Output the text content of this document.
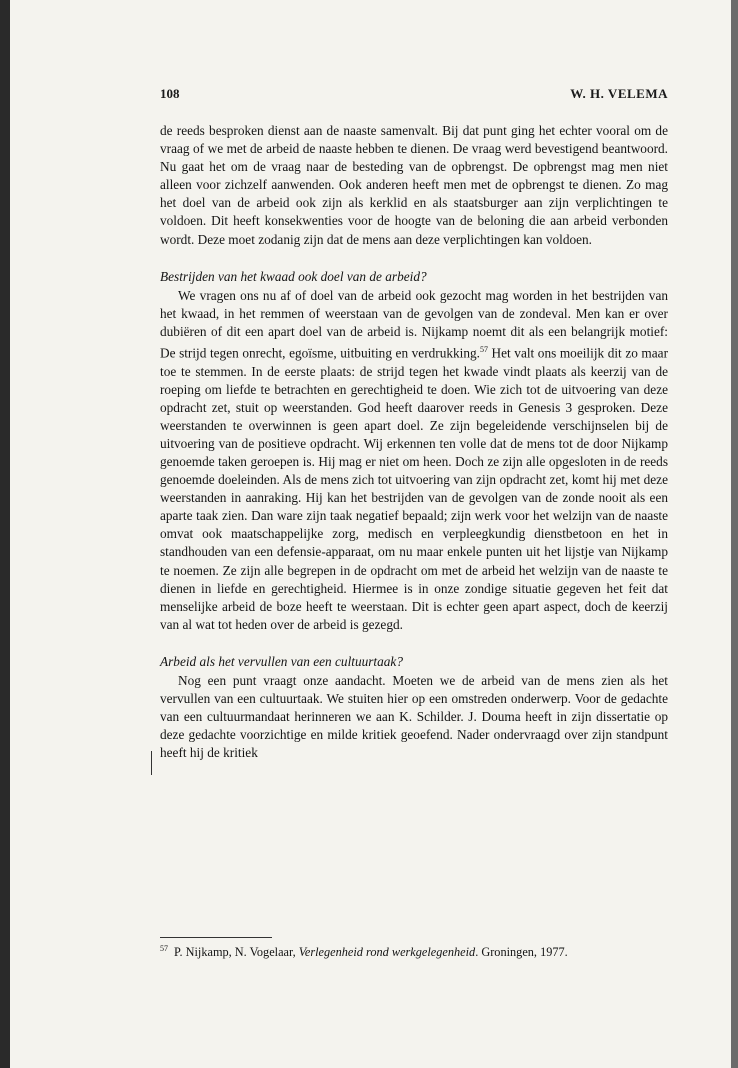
108	W. H. VELEMA

de reeds besproken dienst aan de naaste samenvalt. Bij dat punt ging het echter vooral om de vraag of we met de arbeid de naaste hebben te dienen. De vraag werd bevestigend beantwoord. Nu gaat het om de vraag naar de besteding van de opbrengst. De opbrengst mag men niet alleen voor zichzelf aanwenden. Ook anderen heeft men met de opbrengst te dienen. Zo mag het doel van de arbeid ook zijn als kerklid en als staatsburger aan zijn verplichtingen te voldoen. Dit heeft konsekwenties voor de hoogte van de beloning die aan arbeid verbonden wordt. Deze moet zodanig zijn dat de mens aan deze verplichtingen kan voldoen.

Bestrijden van het kwaad ook doel van de arbeid?

We vragen ons nu af of doel van de arbeid ook gezocht mag worden in het bestrijden van het kwaad, in het remmen of weerstaan van de gevolgen van de zondeval. Men kan er over dubiëren of dit een apart doel van de arbeid is. Nijkamp noemt dit als een belangrijk motief: De strijd tegen onrecht, egoïsme, uitbuiting en verdrukking.$^{57}$ Het valt ons moeilijk dit zo maar toe te stemmen. In de eerste plaats: de strijd tegen het kwade vindt plaats als keerzij van de roeping om liefde te betrachten en gerechtigheid te doen. Wie zich tot de uitvoering van deze opdracht zet, stuit op weerstanden. God heeft daarover reeds in Genesis 3 gesproken. Deze weerstanden te overwinnen is geen apart doel. Ze zijn begeleidende verschijnselen bij de uitvoering van de positieve opdracht. Wij erkennen ten volle dat de mens tot de door Nijkamp genoemde taken geroepen is. Hij mag er niet om heen. Doch ze zijn alle opgesloten in de reeds genoemde doeleinden. Als de mens zich tot uitvoering van zijn opdracht zet, komt hij met deze weerstanden in aanraking. Hij kan het bestrijden van de gevolgen van de zonde nooit als een aparte taak zien. Dan ware zijn taak negatief bepaald; zijn werk voor het welzijn van de naaste omvat ook maatschappelijke zorg, medisch en verpleegkundig dienstbetoon en het in standhouden van een defensie-apparaat, om nu maar enkele punten uit het lijstje van Nijkamp te noemen. Ze zijn alle begrepen in de opdracht om met de arbeid het welzijn van de naaste te dienen in liefde en gerechtigheid. Hiermee is in onze zondige situatie gegeven het feit dat menselijke arbeid de boze heeft te weerstaan. Dit is echter geen apart aspect, doch de keerzij van al wat tot heden over de arbeid is gezegd.

Arbeid als het vervullen van een cultuurtaak?

Nog een punt vraagt onze aandacht. Moeten we de arbeid van de mens zien als het vervullen van een cultuurtaak. We stuiten hier op een omstreden onderwerp. Voor de gedachte van een cultuurmandaat herinneren we aan K. Schilder. J. Douma heeft in zijn dissertatie op deze gedachte voorzichtige en milde kritiek geoefend. Nader ondervraagd over zijn standpunt heeft hij de kritiek

$^{57}$ P. Nijkamp, N. Vogelaar, Verlegenheid rond werkgelegenheid. Groningen, 1977.
